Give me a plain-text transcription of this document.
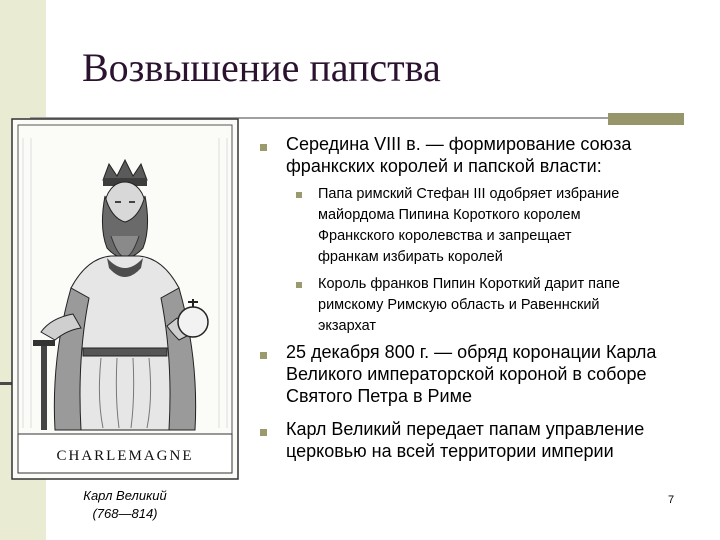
Возвышение папства
CHARLEMAGNE
Карл Великий
(768—814)
Середина VIII в. — формирование союза
франкских королей и папской власти:
Папа римский Стефан III одобряет избрание
майордома Пипина Короткого королем
Франкского королевства и запрещает
франкам избирать королей
Король франков Пипин Короткий дарит папе
римскому Римскую область и Равеннский
экзархат
25 декабря 800 г. — обряд коронации Карла
Великого императорской короной в соборе
Святого Петра в Риме
Карл Великий передает папам управление
церковью на всей территории империи
7
